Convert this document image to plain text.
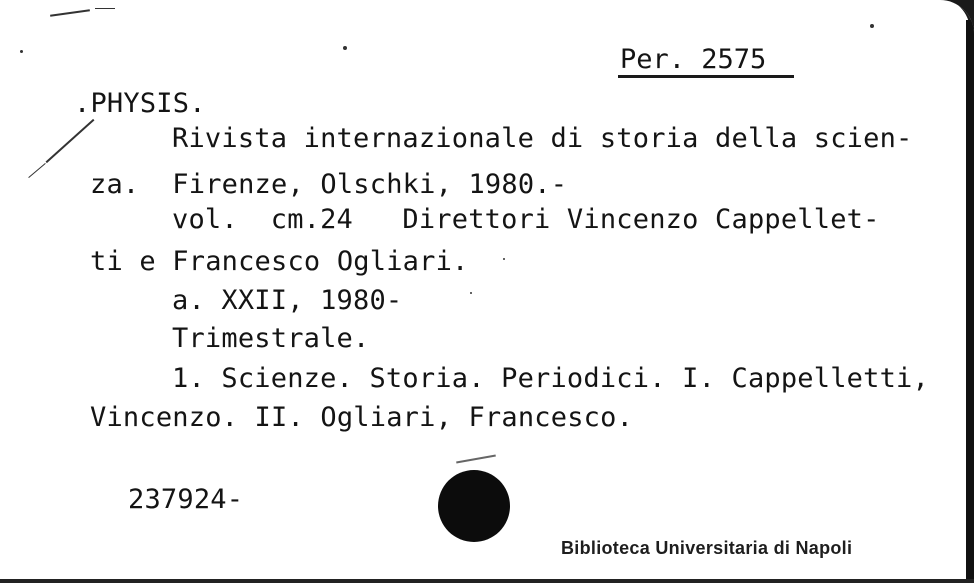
Per. 2575
.PHYSIS.
Rivista internazionale di storia della scien-
za.  Firenze, Olschki, 1980.-
vol.  cm.24   Direttori Vincenzo Cappellet-
ti e Francesco Ogliari.
a. XXII, 1980-
Trimestrale.
1. Scienze. Storia. Periodici. I. Cappelletti,
Vincenzo. II. Ogliari, Francesco.
237924-
Biblioteca Universitaria di Napoli
